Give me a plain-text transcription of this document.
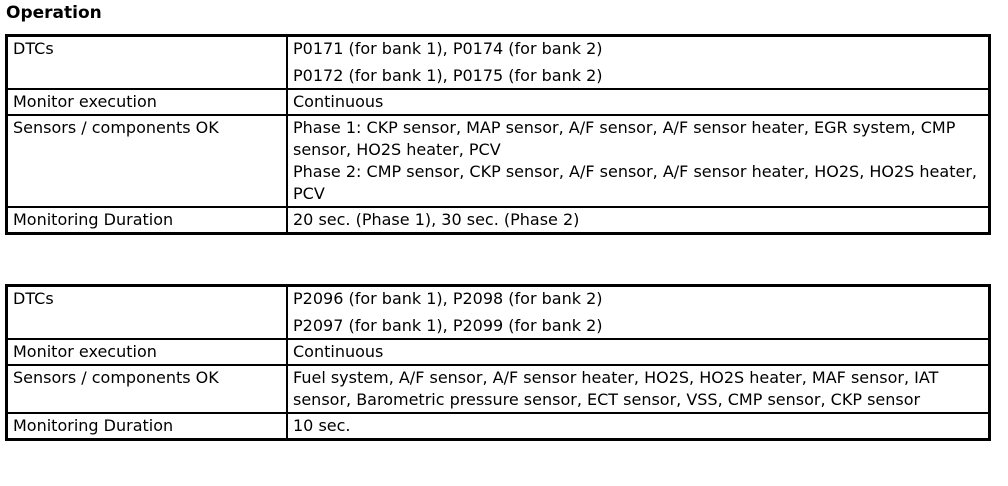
Operation
DTCs	P0171 (for bank 1), P0174 (for bank 2)
P0172 (for bank 1), P0175 (for bank 2)

Monitor execution	Continuous
Sensors / components OK	Phase 1: CKP sensor, MAP sensor, A/F sensor, A/F sensor heater, EGR system, CMP sensor, HO2S heater, PCV
Phase 2: CMP sensor, CKP sensor, A/F sensor, A/F sensor heater, HO2S, HO2S heater, PCV

Monitoring Duration	20 sec. (Phase 1), 30 sec. (Phase 2)
DTCs	P2096 (for bank 1), P2098 (for bank 2)
P2097 (for bank 1), P2099 (for bank 2)

Monitor execution	Continuous
Sensors / components OK	Fuel system, A/F sensor, A/F sensor heater, HO2S, HO2S heater, MAF sensor, IAT sensor, Barometric pressure sensor, ECT sensor, VSS, CMP sensor, CKP sensor
Monitoring Duration	10 sec.
